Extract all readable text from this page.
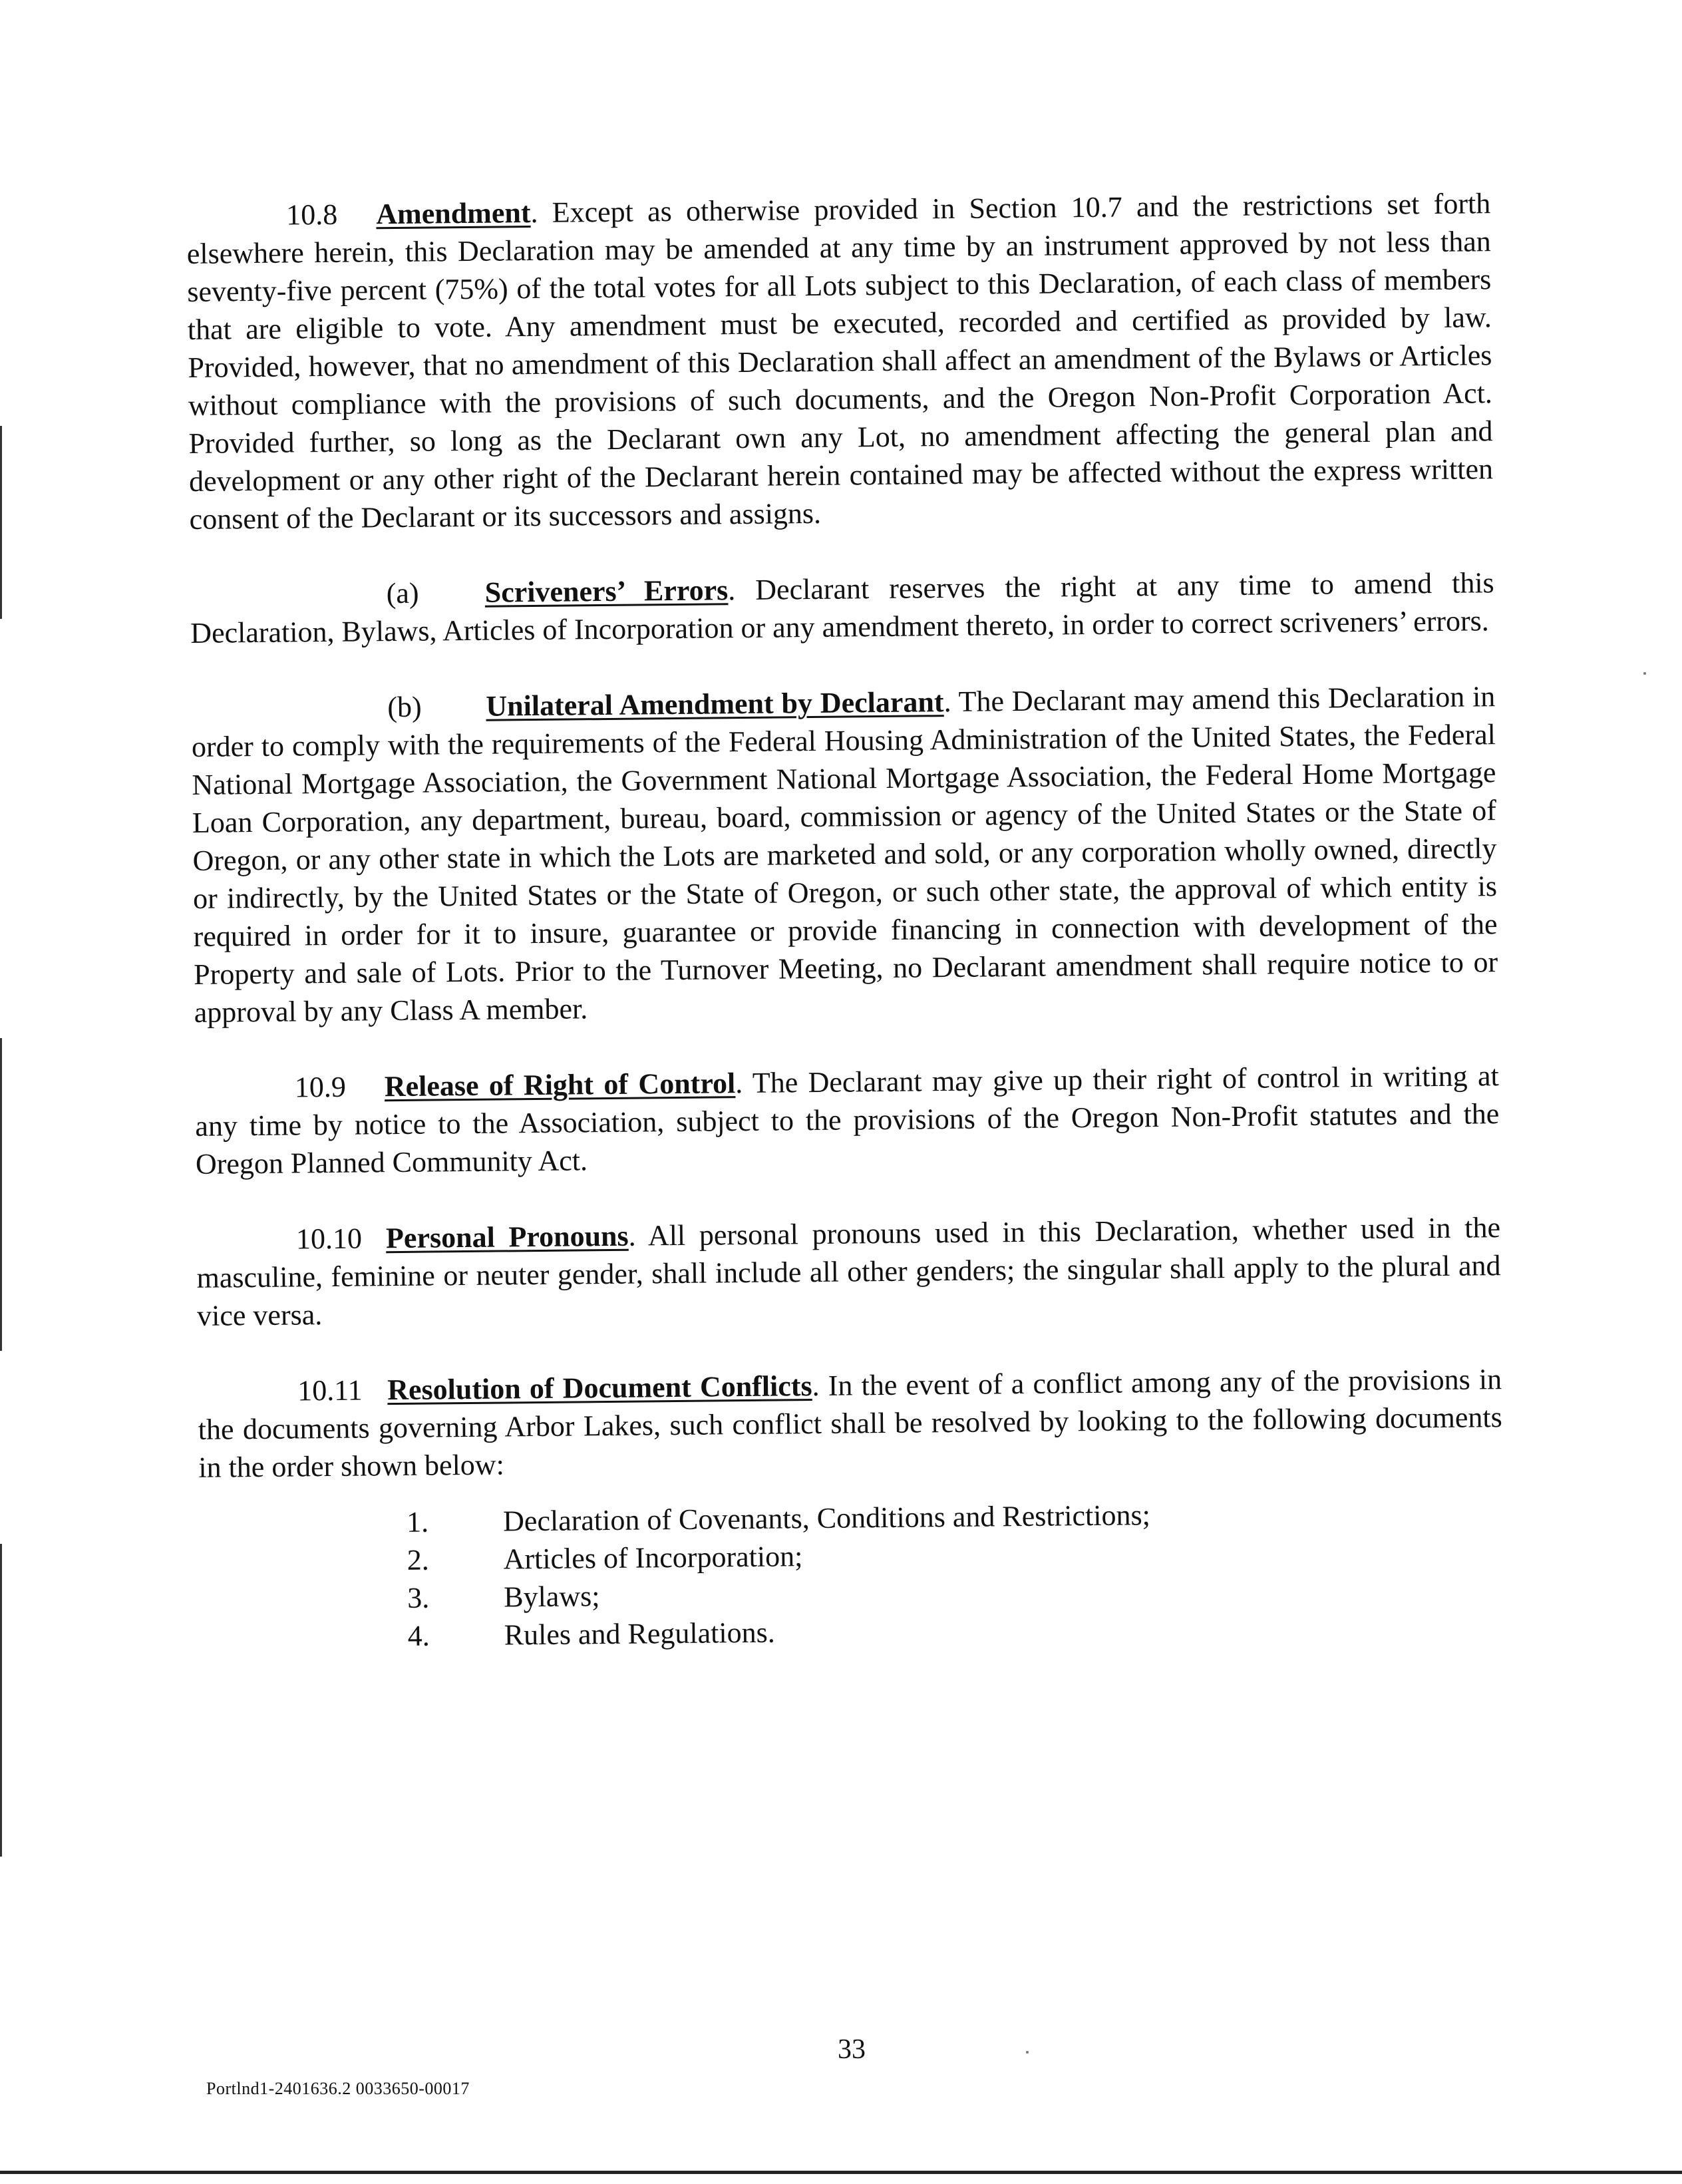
10.8 Amendment. Except as otherwise provided in Section 10.7 and the restrictions set forth elsewhere herein, this Declaration may be amended at any time by an instrument approved by not less than seventy-five percent (75%) of the total votes for all Lots subject to this Declaration, of each class of members that are eligible to vote. Any amendment must be executed, recorded and certified as provided by law. Provided, however, that no amendment of this Declaration shall affect an amendment of the Bylaws or Articles without compliance with the provisions of such documents, and the Oregon Non-Profit Corporation Act. Provided further, so long as the Declarant own any Lot, no amendment affecting the general plan and development or any other right of the Declarant herein contained may be affected without the express written consent of the Declarant or its successors and assigns.

(a) Scriveners’ Errors. Declarant reserves the right at any time to amend this Declaration, Bylaws, Articles of Incorporation or any amendment thereto, in order to correct scriveners’ errors.

(b) Unilateral Amendment by Declarant. The Declarant may amend this Declaration in order to comply with the requirements of the Federal Housing Administration of the United States, the Federal National Mortgage Association, the Government National Mortgage Association, the Federal Home Mortgage Loan Corporation, any department, bureau, board, commission or agency of the United States or the State of Oregon, or any other state in which the Lots are marketed and sold, or any corporation wholly owned, directly or indirectly, by the United States or the State of Oregon, or such other state, the approval of which entity is required in order for it to insure, guarantee or provide financing in connection with development of the Property and sale of Lots. Prior to the Turnover Meeting, no Declarant amendment shall require notice to or approval by any Class A member.

10.9 Release of Right of Control. The Declarant may give up their right of control in writing at any time by notice to the Association, subject to the provisions of the Oregon Non-Profit statutes and the Oregon Planned Community Act.

10.10 Personal Pronouns. All personal pronouns used in this Declaration, whether used in the masculine, feminine or neuter gender, shall include all other genders; the singular shall apply to the plural and vice versa.

10.11 Resolution of Document Conflicts. In the event of a conflict among any of the provisions in the documents governing Arbor Lakes, such conflict shall be resolved by looking to the following documents in the order shown below:

1.	Declaration of Covenants, Conditions and Restrictions;
2.	Articles of Incorporation;
3.	Bylaws;
4.	Rules and Regulations.
33
Portlnd1-2401636.2 0033650-00017
